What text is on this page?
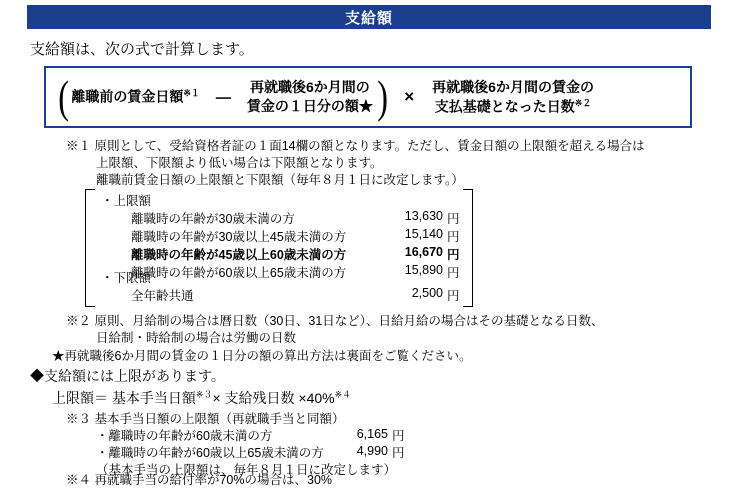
支給額
支給額は、次の式で計算します。
( 離職前の賃金日額$^{※1}$ －
再就職後6か月間の
賃金の１日分の額★ ) ×
再就職後6か月間の賃金の
支払基礎となった日数$^{※2}$
※１ 原則として、受給資格者証の１面14欄の額となります。ただし、賃金日額の上限額を超える場合は
上限額、下限額より低い場合は下限額となります。
離職前賃金日額の上限額と下限額（毎年８月１日に改定します。）
・上限額
離職時の年齢が30歳未満の方	13,630 円
離職時の年齢が30歳以上45歳未満の方	15,140 円
離職時の年齢が45歳以上60歳未満の方	16,670 円
離職時の年齢が60歳以上65歳未満の方	15,890 円
・下限額
全年齢共通	2,500 円
※２ 原則、月給制の場合は暦日数（30日、31日など）、日給月給の場合はその基礎となる日数、
日給制・時給制の場合は労働の日数
★再就職後6か月間の賃金の１日分の額の算出方法は裏面をご覧ください。
◆支給額には上限があります。
上限額＝ 基本手当日額$^{※3}$× 支給残日数 ×40%$^{※4}$
※３ 基本手当日額の上限額（再就職手当と同額）
・離職時の年齢が60歳未満の方	6,165 円
・離職時の年齢が60歳以上65歳未満の方	4,990 円
（基本手当の上限額は、毎年８月１日に改定します）
※４ 再就職手当の給付率が70%の場合は、30%
